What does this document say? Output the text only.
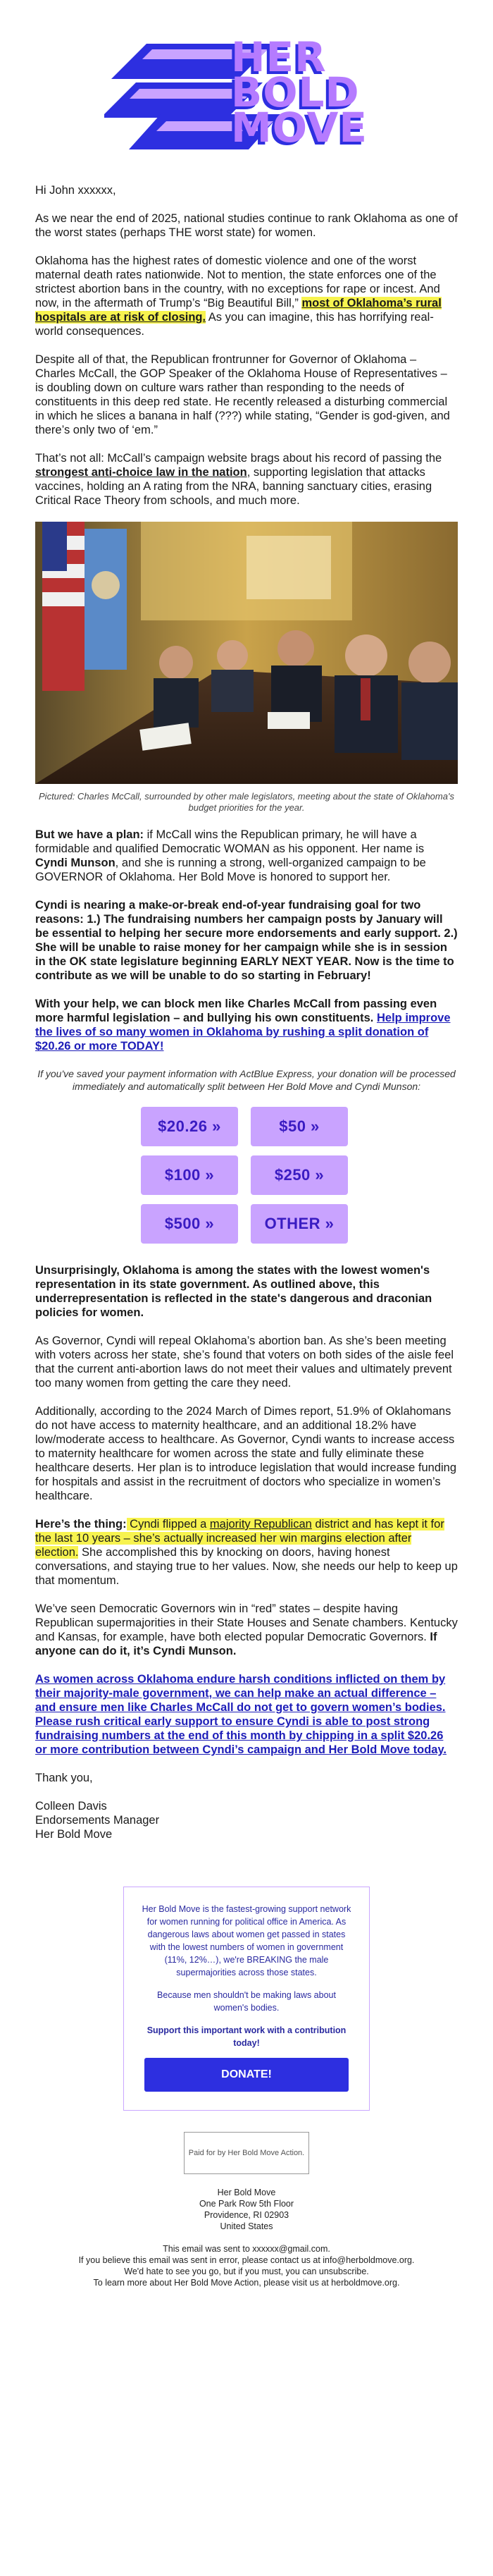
HER
BOLD
MOVE

Hi John xxxxxx,

As we near the end of 2025, national studies continue to rank Oklahoma as one of the worst states (perhaps THE worst state) for women.

Oklahoma has the highest rates of domestic violence and one of the worst maternal death rates nationwide. Not to mention, the state enforces one of the strictest abortion bans in the country, with no exceptions for rape or incest. And now, in the aftermath of Trump’s “Big Beautiful Bill,” most of Oklahoma’s rural hospitals are at risk of closing. As you can imagine, this has horrifying real-world consequences.

Despite all of that, the Republican frontrunner for Governor of Oklahoma – Charles McCall, the GOP Speaker of the Oklahoma House of Representatives – is doubling down on culture wars rather than responding to the needs of constituents in this deep red state. He recently released a disturbing commercial in which he slices a banana in half (???) while stating, “Gender is god-given, and there’s only two of ‘em.”

That’s not all: McCall’s campaign website brags about his record of passing the strongest anti-choice law in the nation, supporting legislation that attacks vaccines, holding an A rating from the NRA, banning sanctuary cities, erasing Critical Race Theory from schools, and much more.

Pictured: Charles McCall, surrounded by other male legislators, meeting about the state of Oklahoma's budget priorities for the year.

But we have a plan: if McCall wins the Republican primary, he will have a formidable and qualified Democratic WOMAN as his opponent. Her name is Cyndi Munson, and she is running a strong, well-organized campaign to be GOVERNOR of Oklahoma. Her Bold Move is honored to support her.

Cyndi is nearing a make-or-break end-of-year fundraising goal for two reasons: 1.) The fundraising numbers her campaign posts by January will be essential to helping her secure more endorsements and early support. 2.) She will be unable to raise money for her campaign while she is in session in the OK state legislature beginning EARLY NEXT YEAR. Now is the time to contribute as we will be unable to do so starting in February!

With your help, we can block men like Charles McCall from passing even more harmful legislation – and bullying his own constituents. Help improve the lives of so many women in Oklahoma by rushing a split donation of $20.26 or more TODAY!

If you've saved your payment information with ActBlue Express, your donation will be processed immediately and automatically split between Her Bold Move and Cyndi Munson:

$20.26 »	$50 »
$100 »	$250 »
$500 »	OTHER »

Unsurprisingly, Oklahoma is among the states with the lowest women's representation in its state government. As outlined above, this underrepresentation is reflected in the state's dangerous and draconian policies for women.

As Governor, Cyndi will repeal Oklahoma’s abortion ban. As she’s been meeting with voters across her state, she’s found that voters on both sides of the aisle feel that the current anti-abortion laws do not meet their values and ultimately prevent too many women from getting the care they need.

Additionally, according to the 2024 March of Dimes report, 51.9% of Oklahomans do not have access to maternity healthcare, and an additional 18.2% have low/moderate access to healthcare. As Governor, Cyndi wants to increase access to maternity healthcare for women across the state and fully eliminate these healthcare deserts. Her plan is to introduce legislation that would increase funding for hospitals and assist in the recruitment of doctors who specialize in women’s healthcare.

Here’s the thing: Cyndi flipped a majority Republican district and has kept it for the last 10 years – she’s actually increased her win margins election after election. She accomplished this by knocking on doors, having honest conversations, and staying true to her values. Now, she needs our help to keep up that momentum.

We’ve seen Democratic Governors win in “red” states – despite having Republican supermajorities in their State Houses and Senate chambers. Kentucky and Kansas, for example, have both elected popular Democratic Governors. If anyone can do it, it’s Cyndi Munson.

As women across Oklahoma endure harsh conditions inflicted on them by their majority-male government, we can help make an actual difference – and ensure men like Charles McCall do not get to govern women’s bodies. Please rush critical early support to ensure Cyndi is able to post strong fundraising numbers at the end of this month by chipping in a split $20.26 or more contribution between Cyndi’s campaign and Her Bold Move today.

Thank you,

Colleen Davis
Endorsements Manager
Her Bold Move

Her Bold Move is the fastest-growing support network for women running for political office in America. As dangerous laws about women get passed in states with the lowest numbers of women in government (11%, 12%…), we're BREAKING the male supermajorities across those states.

Because men shouldn't be making laws about women's bodies.

Support this important work with a contribution today!

DONATE!
Paid for by Her Bold Move Action.
Her Bold Move
One Park Row 5th Floor
Providence, RI 02903
United States
This email was sent to xxxxxx@gmail.com.
If you believe this email was sent in error, please contact us at info@herboldmove.org.
We'd hate to see you go, but if you must, you can unsubscribe.
To learn more about Her Bold Move Action, please visit us at herboldmove.org.
